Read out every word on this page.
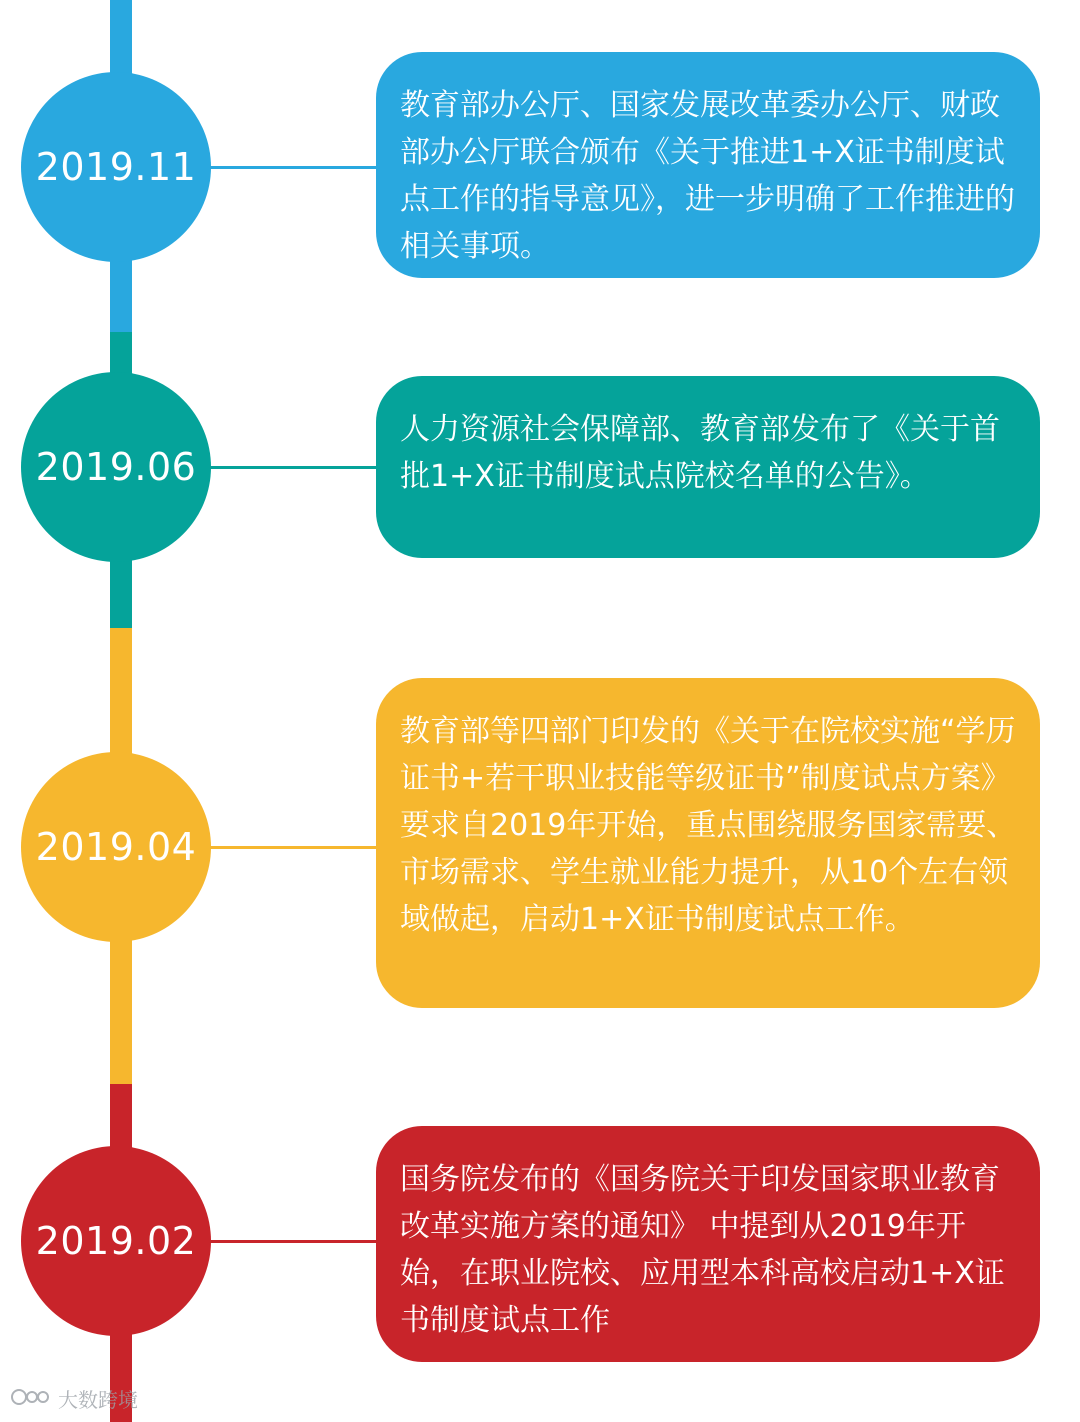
2019.11
教育部办公厅、国家发展改革委办公厅、财政部办公厅联合颁布《关于推进1+X证书制度试点工作的指导意见》，进一步明确了工作推进的相关事项。
2019.06
人力资源社会保障部、教育部发布了《关于首批1+X证书制度试点院校名单的公告》。
2019.04
教育部等四部门印发的《关于在院校实施“学历证书+若干职业技能等级证书”制度试点方案》要求自2019年开始，重点围绕服务国家需要、市场需求、学生就业能力提升，从10个左右领域做起，启动1+X证书制度试点工作。
2019.02
国务院发布的《国务院关于印发国家职业教育改革实施方案的通知》 中提到从2019年开始，在职业院校、应用型本科高校启动1+X证书制度试点工作
大数跨境
